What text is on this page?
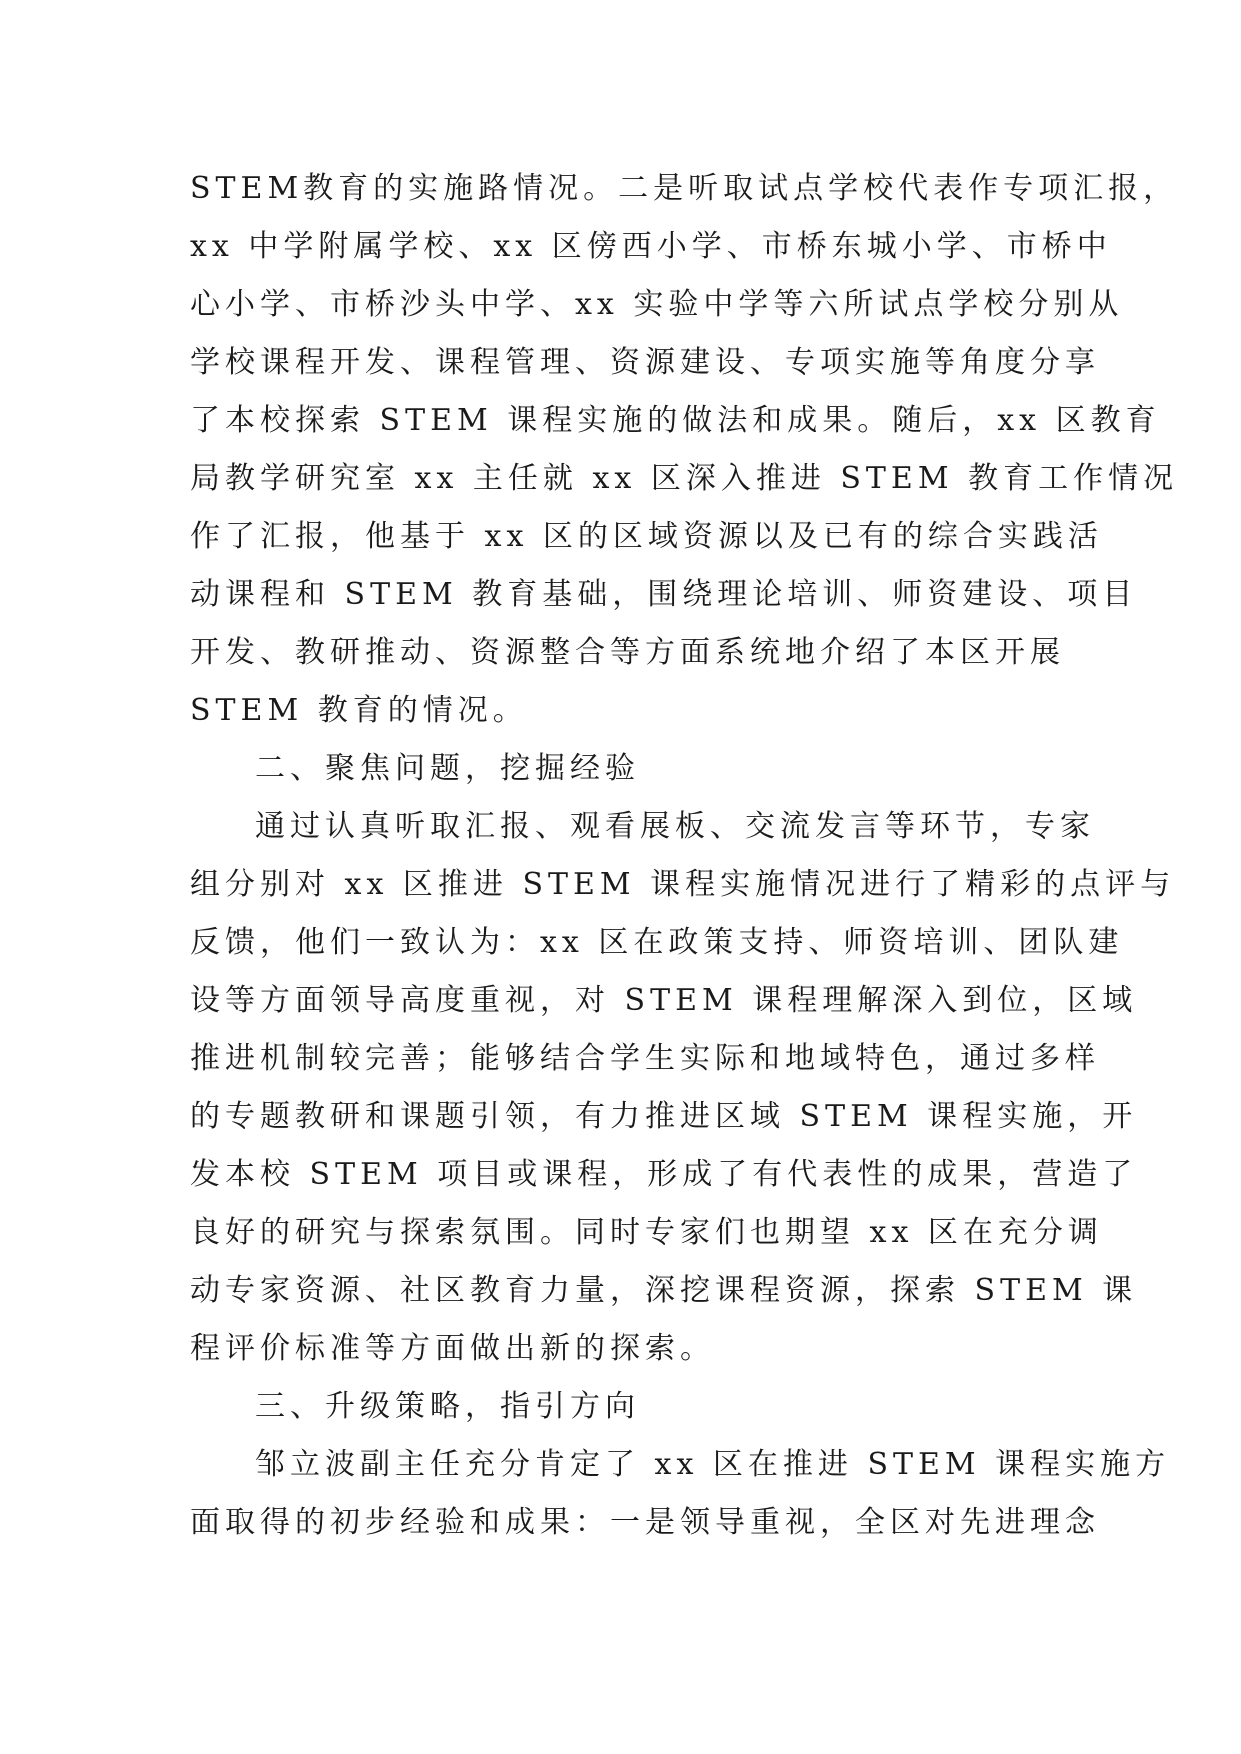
STEM教育的实施路情况。二是听取试点学校代表作专项汇报，

xx 中学附属学校、xx 区傍西小学、市桥东城小学、市桥中

心小学、市桥沙头中学、xx 实验中学等六所试点学校分别从

学校课程开发、课程管理、资源建设、专项实施等角度分享

了本校探索 STEM 课程实施的做法和成果。随后，xx 区教育

局教学研究室 xx 主任就 xx 区深入推进 STEM 教育工作情况

作了汇报，他基于 xx 区的区域资源以及已有的综合实践活

动课程和 STEM 教育基础，围绕理论培训、师资建设、项目

开发、教研推动、资源整合等方面系统地介绍了本区开展

STEM 教育的情况。

二、聚焦问题，挖掘经验

通过认真听取汇报、观看展板、交流发言等环节，专家

组分别对 xx 区推进 STEM 课程实施情况进行了精彩的点评与

反馈，他们一致认为：xx 区在政策支持、师资培训、团队建

设等方面领导高度重视，对 STEM 课程理解深入到位，区域

推进机制较完善；能够结合学生实际和地域特色，通过多样

的专题教研和课题引领，有力推进区域 STEM 课程实施，开

发本校 STEM 项目或课程，形成了有代表性的成果，营造了

良好的研究与探索氛围。同时专家们也期望 xx 区在充分调

动专家资源、社区教育力量，深挖课程资源，探索 STEM 课

程评价标准等方面做出新的探索。

三、升级策略，指引方向

邹立波副主任充分肯定了 xx 区在推进 STEM 课程实施方

面取得的初步经验和成果：一是领导重视，全区对先进理念
